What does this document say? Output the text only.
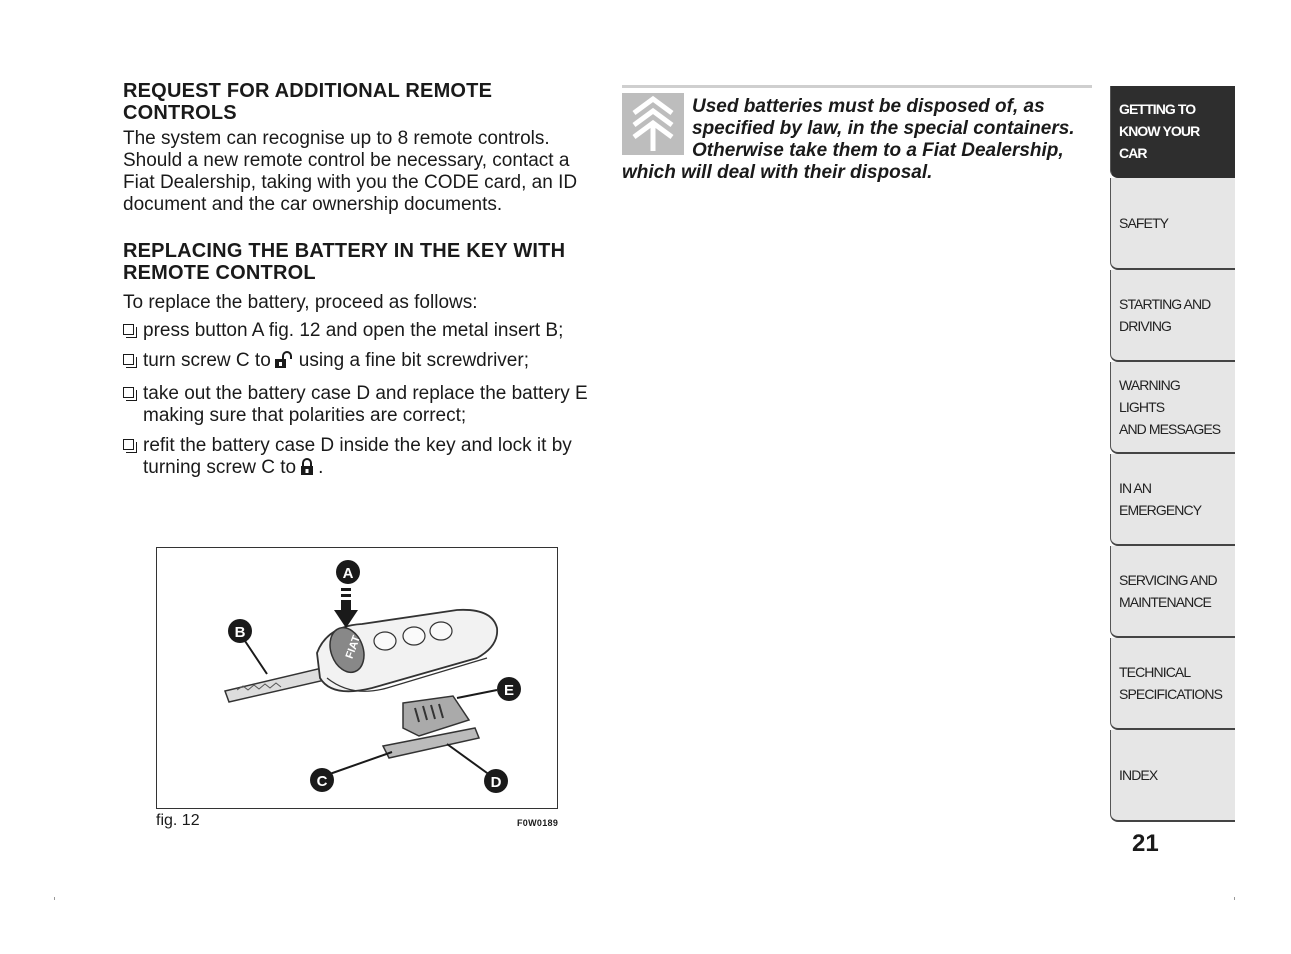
REQUEST FOR ADDITIONAL REMOTE CONTROLS

The system can recognise up to 8 remote controls. Should a new remote control be necessary, contact a Fiat Dealership, taking with you the CODE card, an ID document and the car ownership documents.

REPLACING THE BATTERY IN THE KEY WITH REMOTE CONTROL

To replace the battery, proceed as follows:

press button A fig. 12 and open the metal insert B;
turn screw C to using a fine bit screwdriver;
take out the battery case D and replace the battery E making sure that polarities are correct;
refit the battery case D inside the key and lock it by turning screw C to .
FIAT
A
B
C	D
E
fig. 12	F0W0189

Used batteries must be disposed of, as specified by law, in the special containers. Otherwise take them to a Fiat Dealership, which will deal with their disposal.

GETTING TO
KNOW YOUR CAR
SAFETY
STARTING AND
DRIVING
WARNING LIGHTS
AND MESSAGES
IN AN EMERGENCY
SERVICING AND
MAINTENANCE
TECHNICAL
SPECIFICATIONS
INDEX
21
